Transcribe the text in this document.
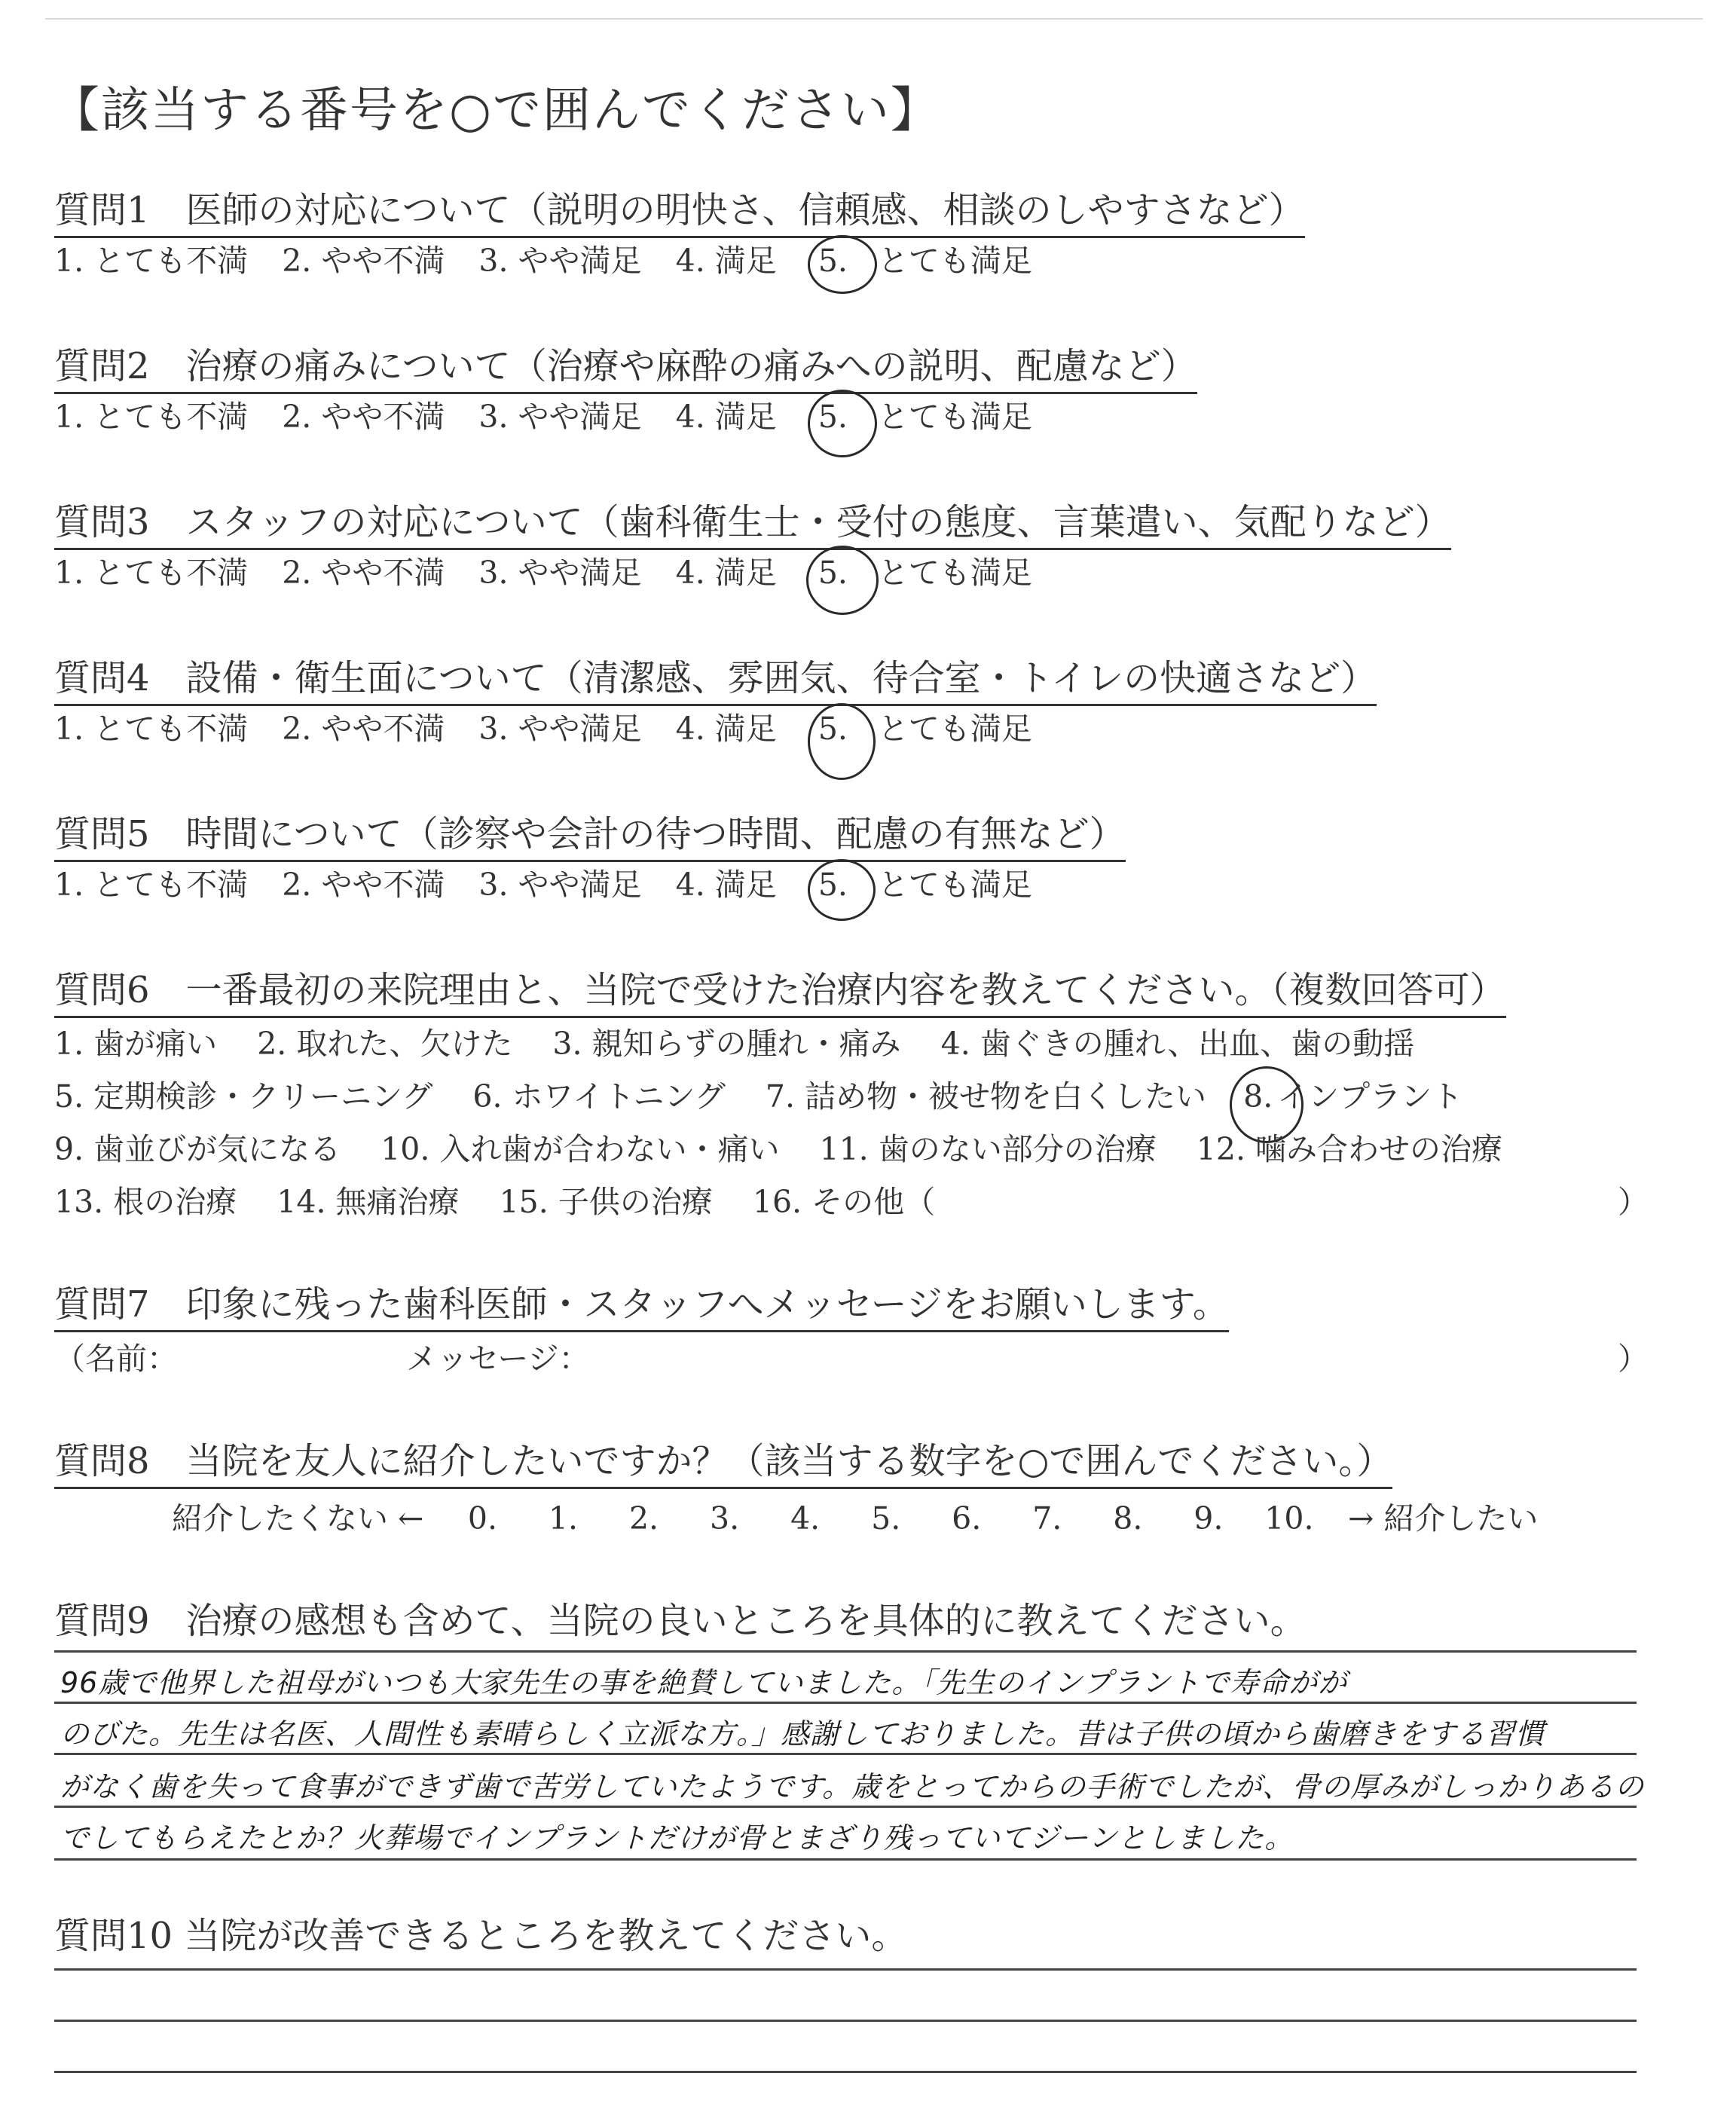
【該当する番号を○で囲んでください】
質問1　医師の対応について（説明の明快さ、信頼感、相談のしやすさなど）
1. とても不満 2. やや不満 3. やや満足 4. 満足 5. とても満足
質問2　治療の痛みについて（治療や麻酔の痛みへの説明、配慮など）
1. とても不満 2. やや不満 3. やや満足 4. 満足 5. とても満足
質問3　スタッフの対応について（歯科衛生士・受付の態度、言葉遣い、気配りなど）
1. とても不満 2. やや不満 3. やや満足 4. 満足 5. とても満足
質問4　設備・衛生面について（清潔感、雰囲気、待合室・トイレの快適さなど）
1. とても不満 2. やや不満 3. やや満足 4. 満足 5. とても満足
質問5　時間について（診察や会計の待つ時間、配慮の有無など）
1. とても不満 2. やや不満 3. やや満足 4. 満足 5. とても満足
質問6　一番最初の来院理由と、当院で受けた治療内容を教えてください。（複数回答可）
1. 歯が痛い 2. 取れた、欠けた 3. 親知らずの腫れ・痛み 4. 歯ぐきの腫れ、出血、歯の動揺
5. 定期検診・クリーニング 6. ホワイトニング 7. 詰め物・被せ物を白くしたい 8. インプラント
9. 歯並びが気になる 10. 入れ歯が合わない・痛い 11. 歯のない部分の治療 12. 噛み合わせの治療
13. 根の治療 14. 無痛治療 15. 子供の治療 16. その他（	）
質問7　印象に残った歯科医師・スタッフへメッセージをお願いします。
（名前：	メッセージ：	）
質問8　当院を友人に紹介したいですか？（該当する数字を○で囲んでください。）
紹介したくない ← 0. 1. 2. 3. 4. 5. 6. 7. 8. 9. 10. → 紹介したい
質問9　治療の感想も含めて、当院の良いところを具体的に教えてください。
96歳で他界した祖母がいつも大家先生の事を絶賛していました。「先生のインプラントで寿命がが
のびた。先生は名医、人間性も素晴らしく立派な方。」感謝しておりました。昔は子供の頃から歯磨きをする習慣
がなく歯を失って食事ができず歯で苦労していたようです。歳をとってからの手術でしたが、骨の厚みがしっかりあるの
でしてもらえたとか？火葬場でインプラントだけが骨とまざり残っていてジーンとしました。
質問10 当院が改善できるところを教えてください。
